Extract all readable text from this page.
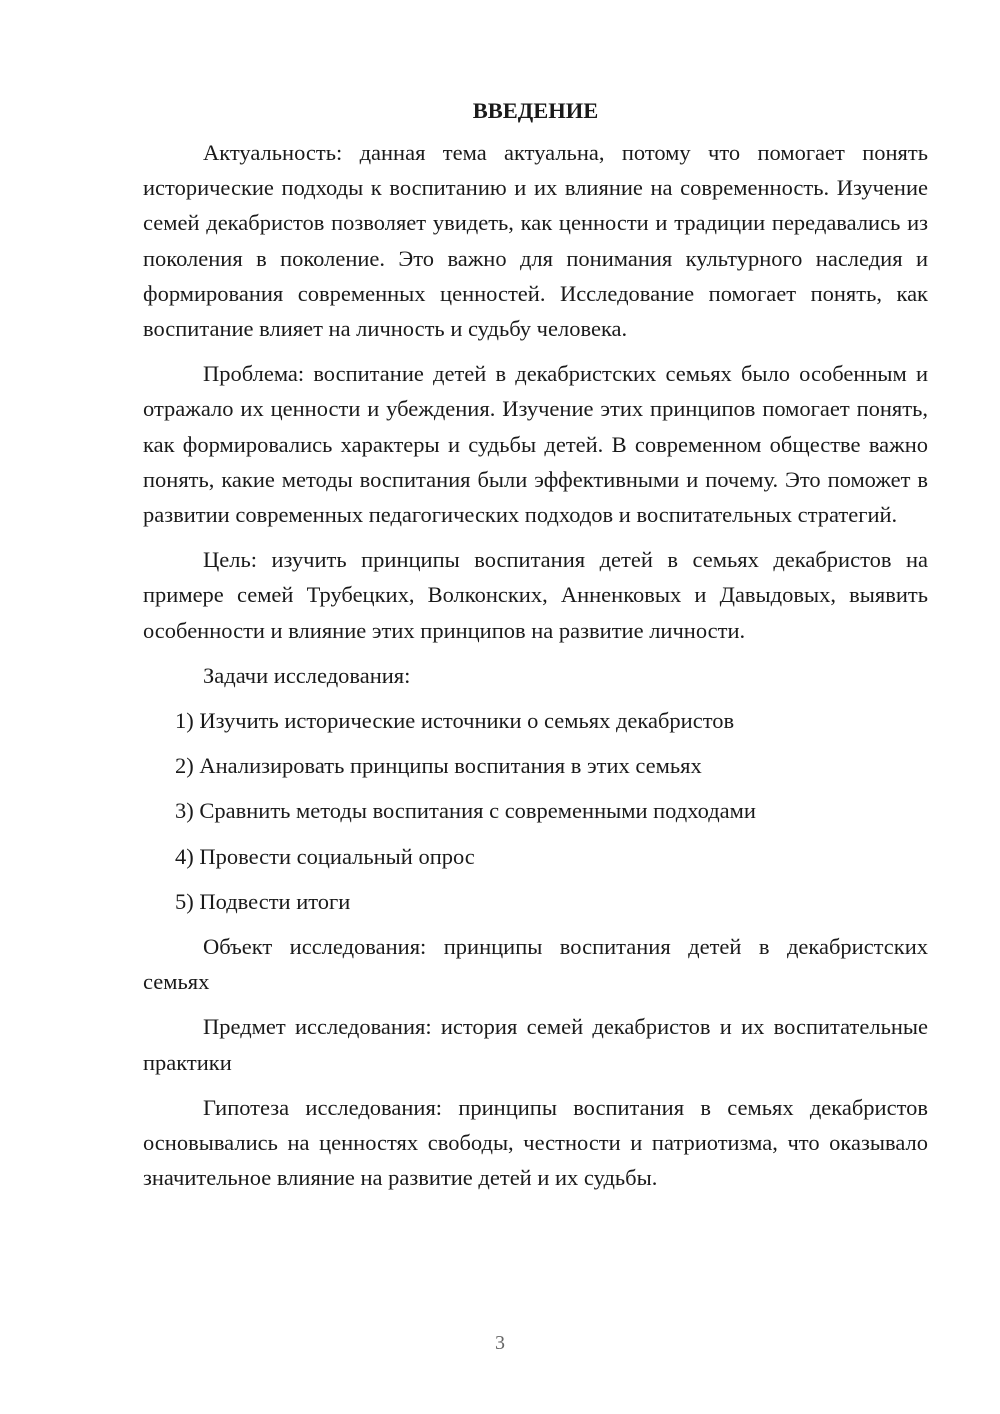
ВВЕДЕНИЕ

Актуальность: данная тема актуальна, потому что помогает понять исторические подходы к воспитанию и их влияние на современность. Изучение семей декабристов позволяет увидеть, как ценности и традиции передавались из поколения в поколение. Это важно для понимания культурного наследия и формирования современных ценностей. Исследование помогает понять, как воспитание влияет на личность и судьбу человека.

Проблема: воспитание детей в декабристских семьях было особенным и отражало их ценности и убеждения. Изучение этих принципов помогает понять, как формировались характеры и судьбы детей. В современном обществе важно понять, какие методы воспитания были эффективными и почему. Это поможет в развитии современных педагогических подходов и воспитательных стратегий.

Цель: изучить принципы воспитания детей в семьях декабристов на примере семей Трубецких, Волконских, Анненковых и Давыдовых, выявить особенности и влияние этих принципов на развитие личности.

Задачи исследования:

1) Изучить исторические источники о семьях декабристов
2) Анализировать принципы воспитания в этих семьях
3) Сравнить методы воспитания с современными подходами
4) Провести социальный опрос
5) Подвести итоги

Объект исследования: принципы воспитания детей в декабристских семьях

Предмет исследования: история семей декабристов и их воспитательные практики

Гипотеза исследования: принципы воспитания в семьях декабристов основывались на ценностях свободы, честности и патриотизма, что оказывало значительное влияние на развитие детей и их судьбы.

3
